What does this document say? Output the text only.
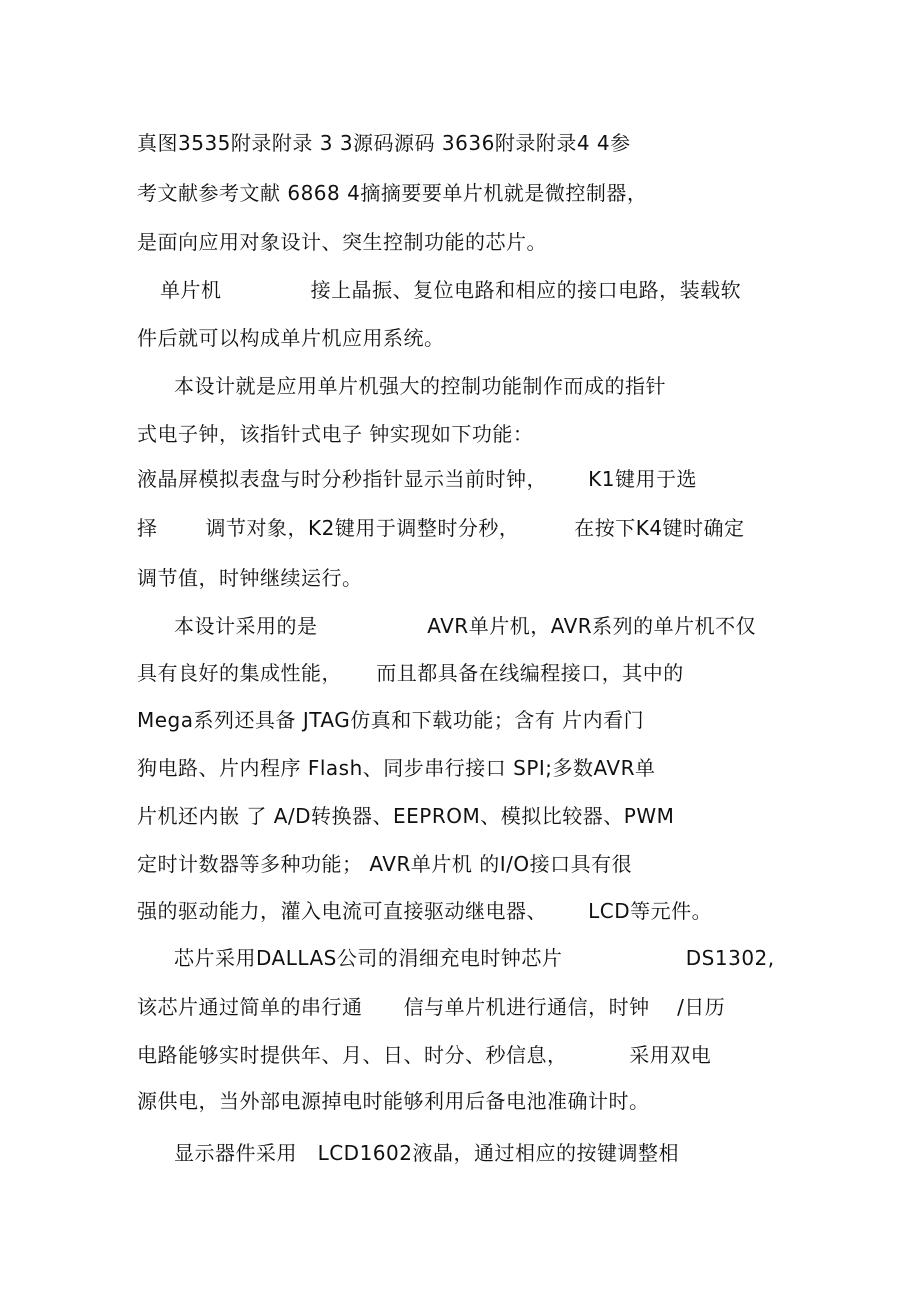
真图3535附录附录 3 3源码源码 3636附录附录4 4参
考文献参考文献 6868 4摘摘要要单片机就是微控制器，
是面向应用对象设计、突生控制功能的芯片。
单片机             接上晶振、复位电路和相应的接口电路，装载软
件后就可以构成单片机应用系统。
本设计就是应用单片机强大的控制功能制作而成的指针
式电子钟，该指针式电子 钟实现如下功能：
液晶屏模拟表盘与时分秒指针显示当前时钟，      K1键用于选
择       调节对象，K2键用于调整时分秒，        在按下K4键时确定
调节值，时钟继续运行。
本设计采用的是                AVR单片机，AVR系列的单片机不仅
具有良好的集成性能，     而且都具备在线编程接口，其中的
Mega系列还具备 JTAG仿真和下载功能；含有 片内看门
狗电路、片内程序 Flash、同步串行接口 SPI;多数AVR单
片机还内嵌 了 A/D转换器、EEPROM、模拟比较器、PWM
定时计数器等多种功能； AVR单片机 的I/O接口具有很
强的驱动能力，灌入电流可直接驱动继电器、      LCD等元件。
芯片采用DALLAS公司的涓细充电时钟芯片                  DS1302,
该芯片通过简单的串行通      信与单片机进行通信，时钟    /日历
电路能够实时提供年、月、日、时分、秒信息，         采用双电
源供电，当外部电源掉电时能够利用后备电池准确计时。
显示器件采用   LCD1602液晶，通过相应的按键调整相
